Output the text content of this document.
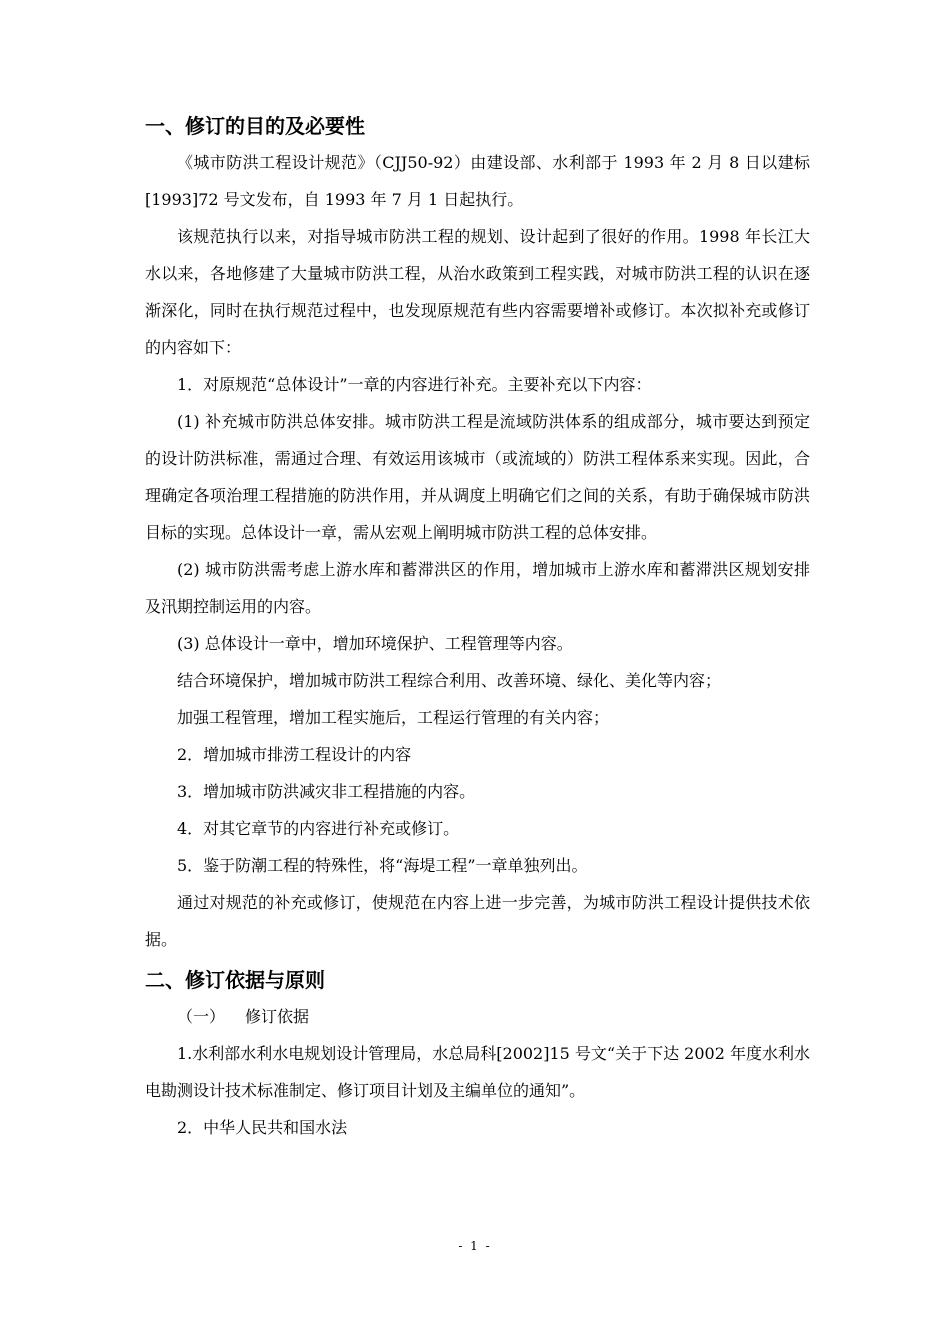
一、修订的目的及必要性

《城市防洪工程设计规范》（CJJ50-92）由建设部、水利部于 1993 年 2 月 8 日以建标[1993]72 号文发布，自 1993 年 7 月 1 日起执行。

该规范执行以来，对指导城市防洪工程的规划、设计起到了很好的作用。1998 年长江大水以来，各地修建了大量城市防洪工程，从治水政策到工程实践，对城市防洪工程的认识在逐渐深化，同时在执行规范过程中，也发现原规范有些内容需要增补或修订。本次拟补充或修订的内容如下：

1．对原规范“总体设计”一章的内容进行补充。主要补充以下内容：

(1) 补充城市防洪总体安排。城市防洪工程是流域防洪体系的组成部分，城市要达到预定的设计防洪标准，需通过合理、有效运用该城市（或流域的）防洪工程体系来实现。因此，合理确定各项治理工程措施的防洪作用，并从调度上明确它们之间的关系，有助于确保城市防洪目标的实现。总体设计一章，需从宏观上阐明城市防洪工程的总体安排。

(2) 城市防洪需考虑上游水库和蓄滞洪区的作用，增加城市上游水库和蓄滞洪区规划安排及汛期控制运用的内容。

(3) 总体设计一章中，增加环境保护、工程管理等内容。

结合环境保护，增加城市防洪工程综合利用、改善环境、绿化、美化等内容；

加强工程管理，增加工程实施后，工程运行管理的有关内容；

2．增加城市排涝工程设计的内容

3．增加城市防洪减灾非工程措施的内容。

4．对其它章节的内容进行补充或修订。

5．鉴于防潮工程的特殊性，将“海堤工程”一章单独列出。

通过对规范的补充或修订，使规范在内容上进一步完善，为城市防洪工程设计提供技术依据。

二、修订依据与原则

（一） 修订依据

1.水利部水利水电规划设计管理局，水总局科[2002]15 号文“关于下达 2002 年度水利水电勘测设计技术标准制定、修订项目计划及主编单位的通知”。

2．中华人民共和国水法

- 1 -
